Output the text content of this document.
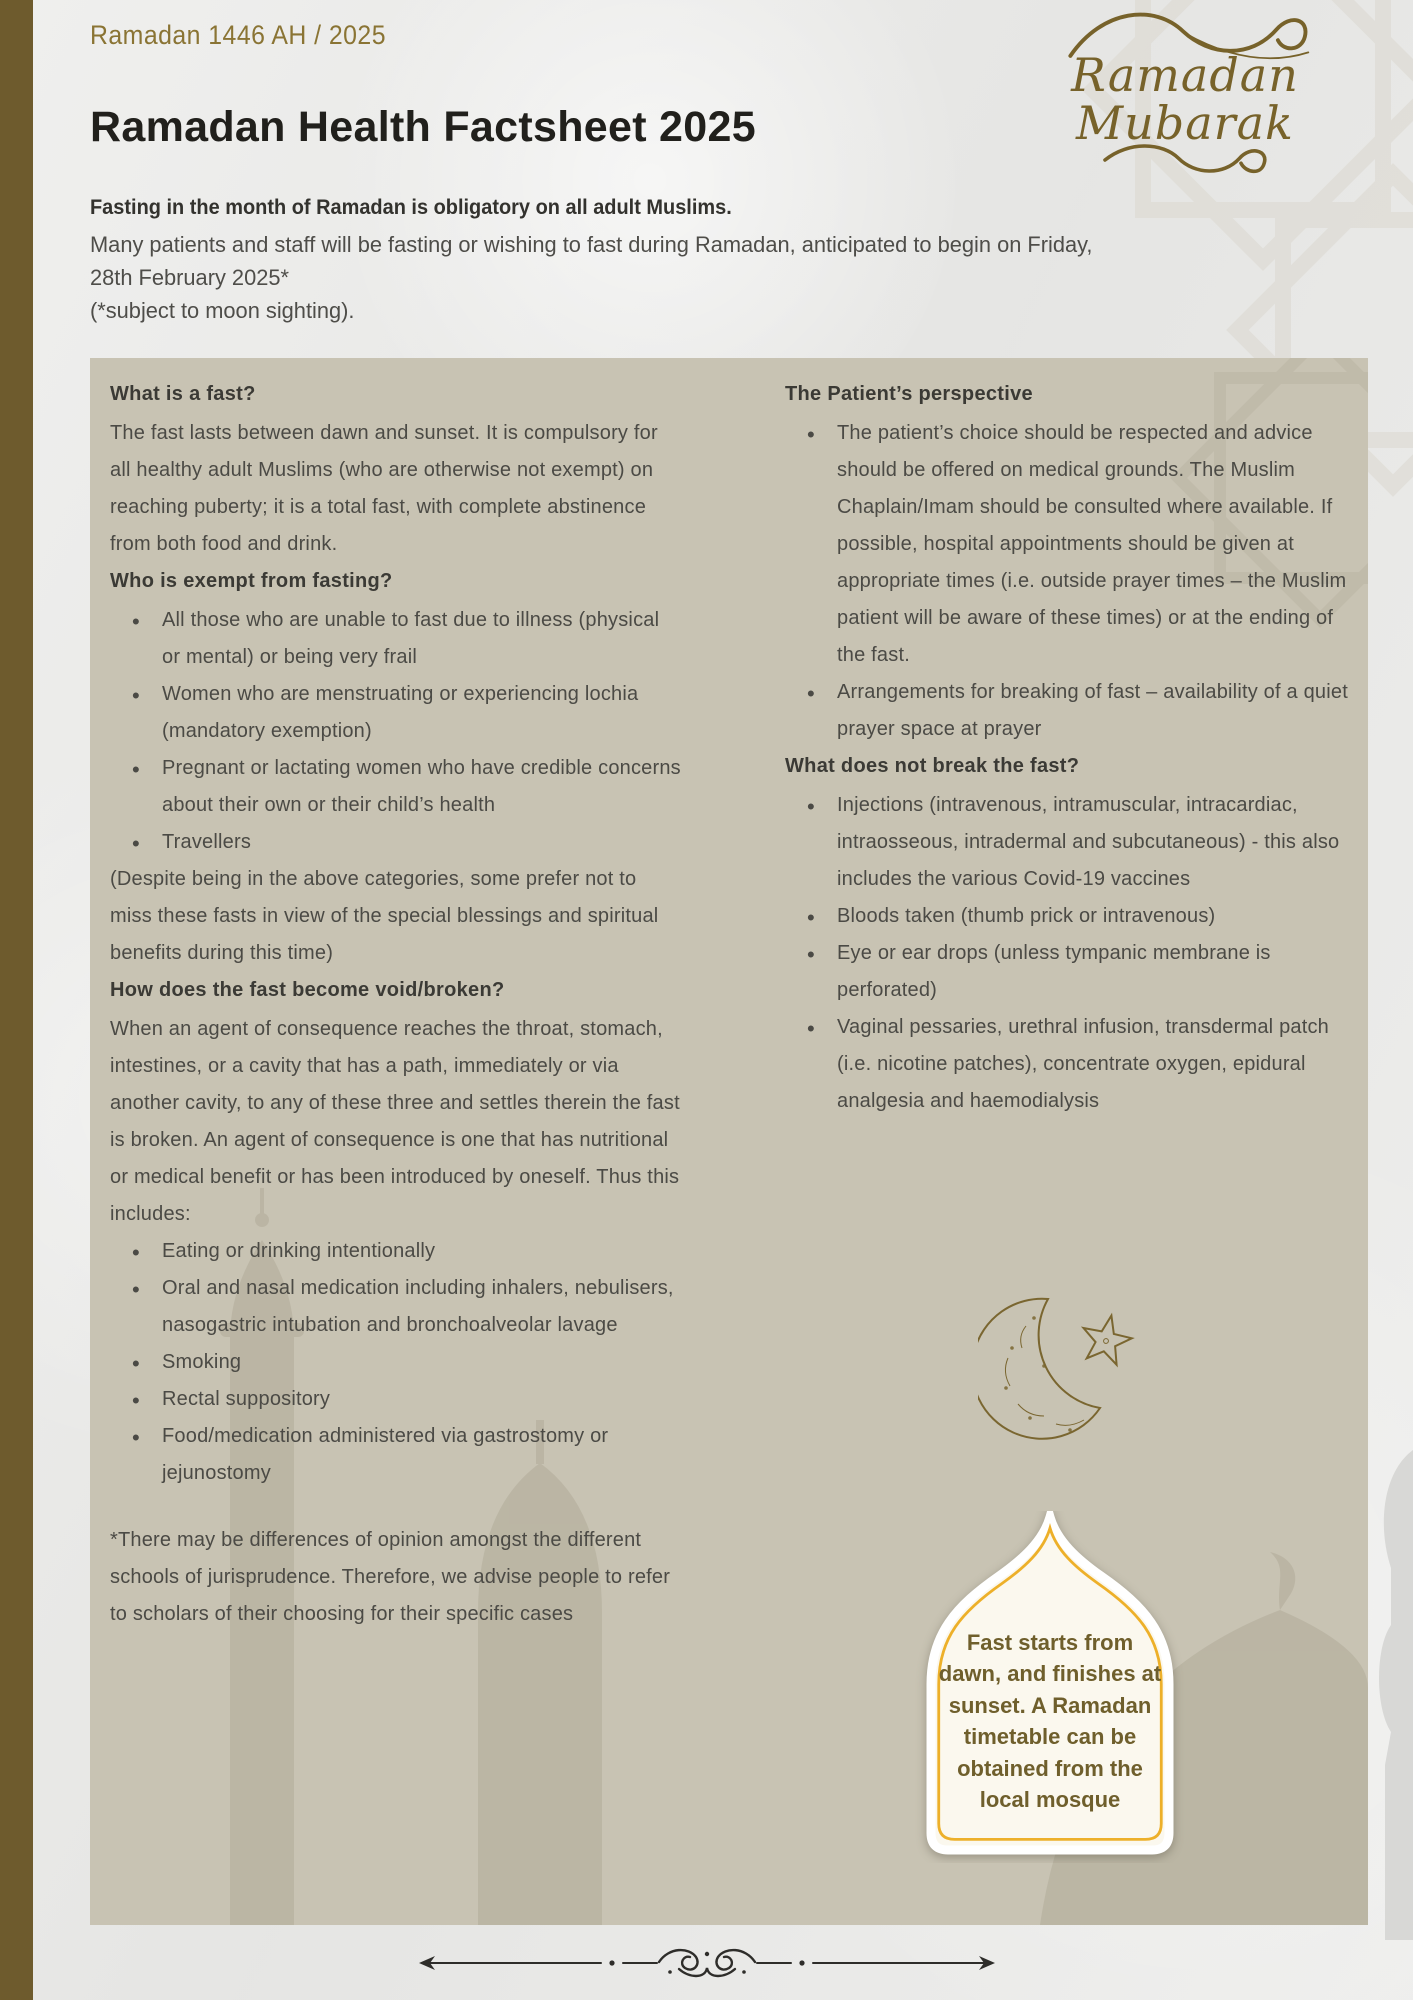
Ramadan 1446 AH / 2025
Ramadan Health Factsheet 2025
Ramadan
Mubarak
Fasting in the month of Ramadan is obligatory on all adult Muslims.
Many patients and staff will be fasting or wishing to fast during Ramadan, anticipated to begin on Friday, 28th February 2025*
(*subject to moon sighting).
What is a fast?

The fast lasts between dawn and sunset. It is compulsory for all healthy adult Muslims (who are otherwise not exempt) on reaching puberty; it is a total fast, with complete abstinence from both food and drink.

Who is exempt from fasting?
• All those who are unable to fast due to illness (physical or mental) or being very frail
• Women who are menstruating or experiencing lochia (mandatory exemption)
• Pregnant or lactating women who have credible concerns about their own or their child’s health
• Travellers

(Despite being in the above categories, some prefer not to miss these fasts in view of the special blessings and spiritual benefits during this time)

How does the fast become void/broken?

When an agent of consequence reaches the throat, stomach, intestines, or a cavity that has a path, immediately or via another cavity, to any of these three and settles therein the fast is broken. An agent of consequence is one that has nutritional or medical benefit or has been introduced by oneself. Thus this includes:

• Eating or drinking intentionally
• Oral and nasal medication including inhalers, nebulisers, nasogastric intubation and bronchoalveolar lavage
• Smoking
• Rectal suppository
• Food/medication administered via gastrostomy or jejunostomy

*There may be differences of opinion amongst the different schools of jurisprudence. Therefore, we advise people to refer to scholars of their choosing for their specific cases

The Patient’s perspective
• The patient’s choice should be respected and advice should be offered on medical grounds. The Muslim Chaplain/Imam should be consulted where available. If possible, hospital appointments should be given at appropriate times (i.e. outside prayer times – the Muslim patient will be aware of these times) or at the ending of the fast.
• Arrangements for breaking of fast – availability of a quiet prayer space at prayer
What does not break the fast?
• Injections (intravenous, intramuscular, intracardiac, intraosseous, intradermal and subcutaneous) - this also includes the various Covid-19 vaccines
• Bloods taken (thumb prick or intravenous)
• Eye or ear drops (unless tympanic membrane is perforated)
• Vaginal pessaries, urethral infusion, transdermal patch (i.e. nicotine patches), concentrate oxygen, epidural analgesia and haemodialysis
Fast starts from dawn, and finishes at sunset. A Ramadan timetable can be obtained from the local mosque
